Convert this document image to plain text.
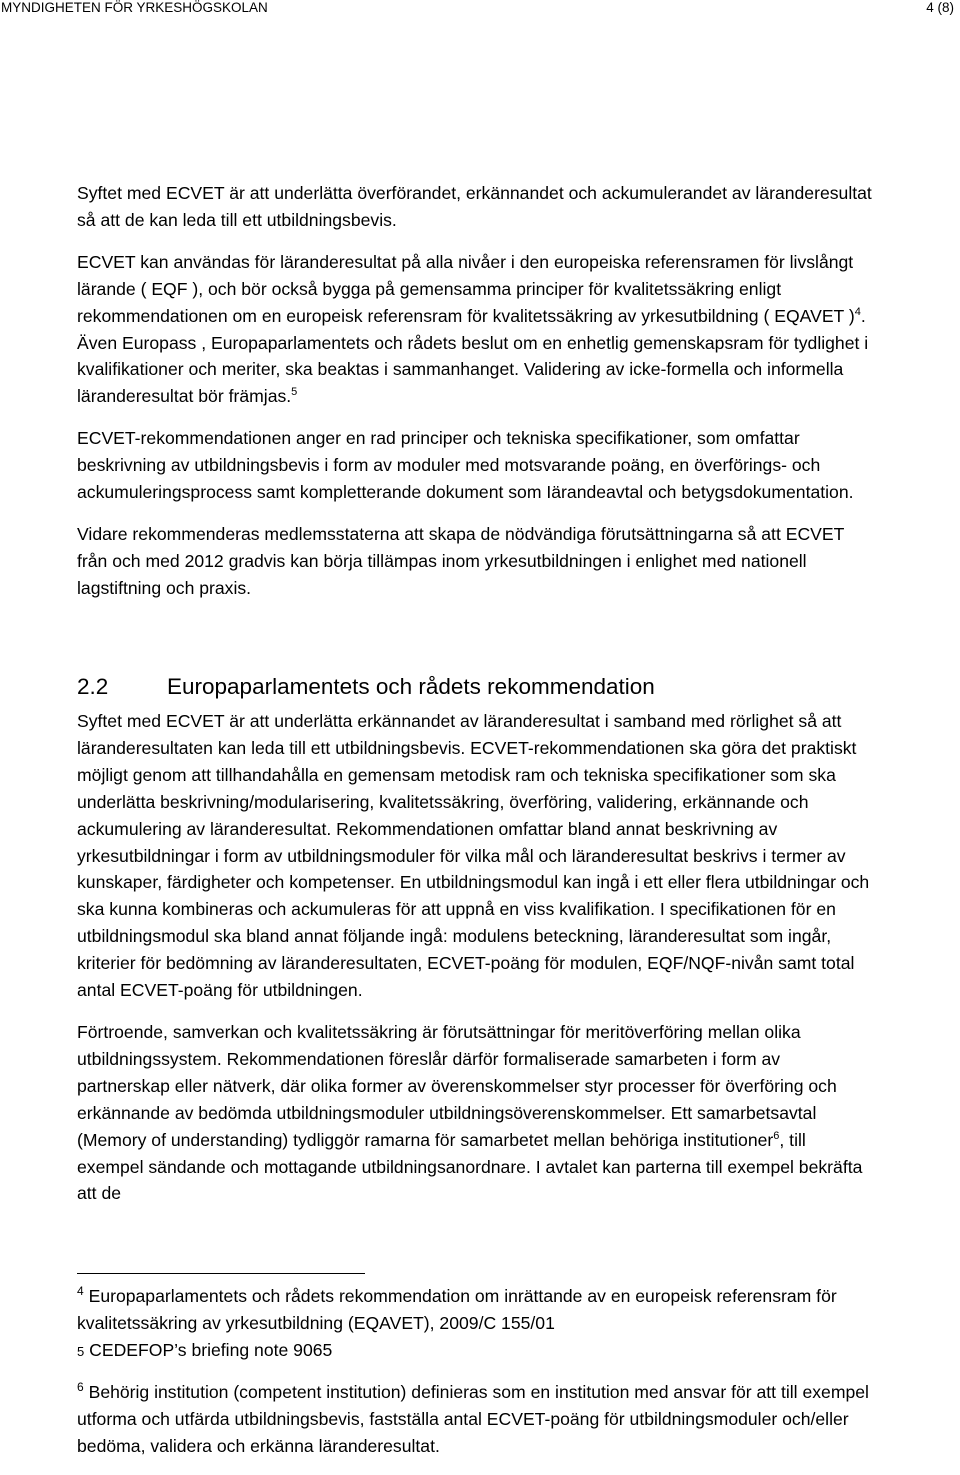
MYNDIGHETEN FÖR YRKESHÖGSKOLAN	4 (8)

Syftet med ECVET är att underlätta överförandet, erkännandet och ackumulerandet av läranderesultat så att de kan leda till ett utbildningsbevis.

ECVET kan användas för läranderesultat på alla nivåer i den europeiska referensramen för livslångt lärande ( EQF ), och bör också bygga på gemensamma principer för kvalitetssäkring enligt rekommendationen om en europeisk referensram för kvalitetssäkring av yrkesutbildning ( EQAVET )$^4$. Även Europass , Europaparlamentets och rådets beslut om en enhetlig gemenskapsram för tydlighet i kvalifikationer och meriter, ska beaktas i sammanhanget. Validering av icke-formella och informella läranderesultat bör främjas.$^5$

ECVET-rekommendationen anger en rad principer och tekniska specifikationer, som omfattar beskrivning av utbildningsbevis i form av moduler med motsvarande poäng, en överförings- och ackumuleringsprocess samt kompletterande dokument som Iärandeavtal och betygsdokumentation.

Vidare rekommenderas medlemsstaterna att skapa de nödvändiga förutsättningarna så att ECVET från och med 2012 gradvis kan börja tillämpas inom yrkesutbildningen i enlighet med nationell lagstiftning och praxis.

2.2	Europaparlamentets och rådets rekommendation

Syftet med ECVET är att underlätta erkännandet av läranderesultat i samband med rörlighet så att läranderesultaten kan leda till ett utbildningsbevis. ECVET-rekommendationen ska göra det praktiskt möjligt genom att tillhandahålla en gemensam metodisk ram och tekniska specifikationer som ska underlätta beskrivning/modularisering, kvalitetssäkring, överföring, validering, erkännande och ackumulering av läranderesultat. Rekommendationen omfattar bland annat beskrivning av yrkesutbildningar i form av utbildningsmoduler för vilka mål och läranderesultat beskrivs i termer av kunskaper, färdigheter och kompetenser. En utbildningsmodul kan ingå i ett eller flera utbildningar och ska kunna kombineras och ackumuleras för att uppnå en viss kvalifikation. I specifikationen för en utbildningsmodul ska bland annat följande ingå: modulens beteckning, läranderesultat som ingår, kriterier för bedömning av läranderesultaten, ECVET-poäng för modulen, EQF/NQF-nivån samt total antal ECVET-poäng för utbildningen.

Förtroende, samverkan och kvalitetssäkring är förutsättningar för meritöverföring mellan olika utbildningssystem. Rekommendationen föreslår därför formaliserade samarbeten i form av partnerskap eller nätverk, där olika former av överenskommelser styr processer för överföring och erkännande av bedömda utbildningsmoduler utbildningsöverenskommelser. Ett samarbetsavtal (Memory of understanding) tydliggör ramarna för samarbetet mellan behöriga institutioner$^6$, till exempel sändande och mottagande utbildningsanordnare. I avtalet kan parterna till exempel bekräfta att de

$^4$ Europaparlamentets och rådets rekommendation om inrättande av en europeisk referensram för kvalitetssäkring av yrkesutbildning (EQAVET), 2009/C 155/01

5 CEDEFOP’s briefing note 9065

$^6$ Behörig institution (competent institution) definieras som en institution med ansvar för att till exempel utforma och utfärda utbildningsbevis, fastställa antal ECVET-poäng för utbildningsmoduler och/eller bedöma, validera och erkänna läranderesultat.
